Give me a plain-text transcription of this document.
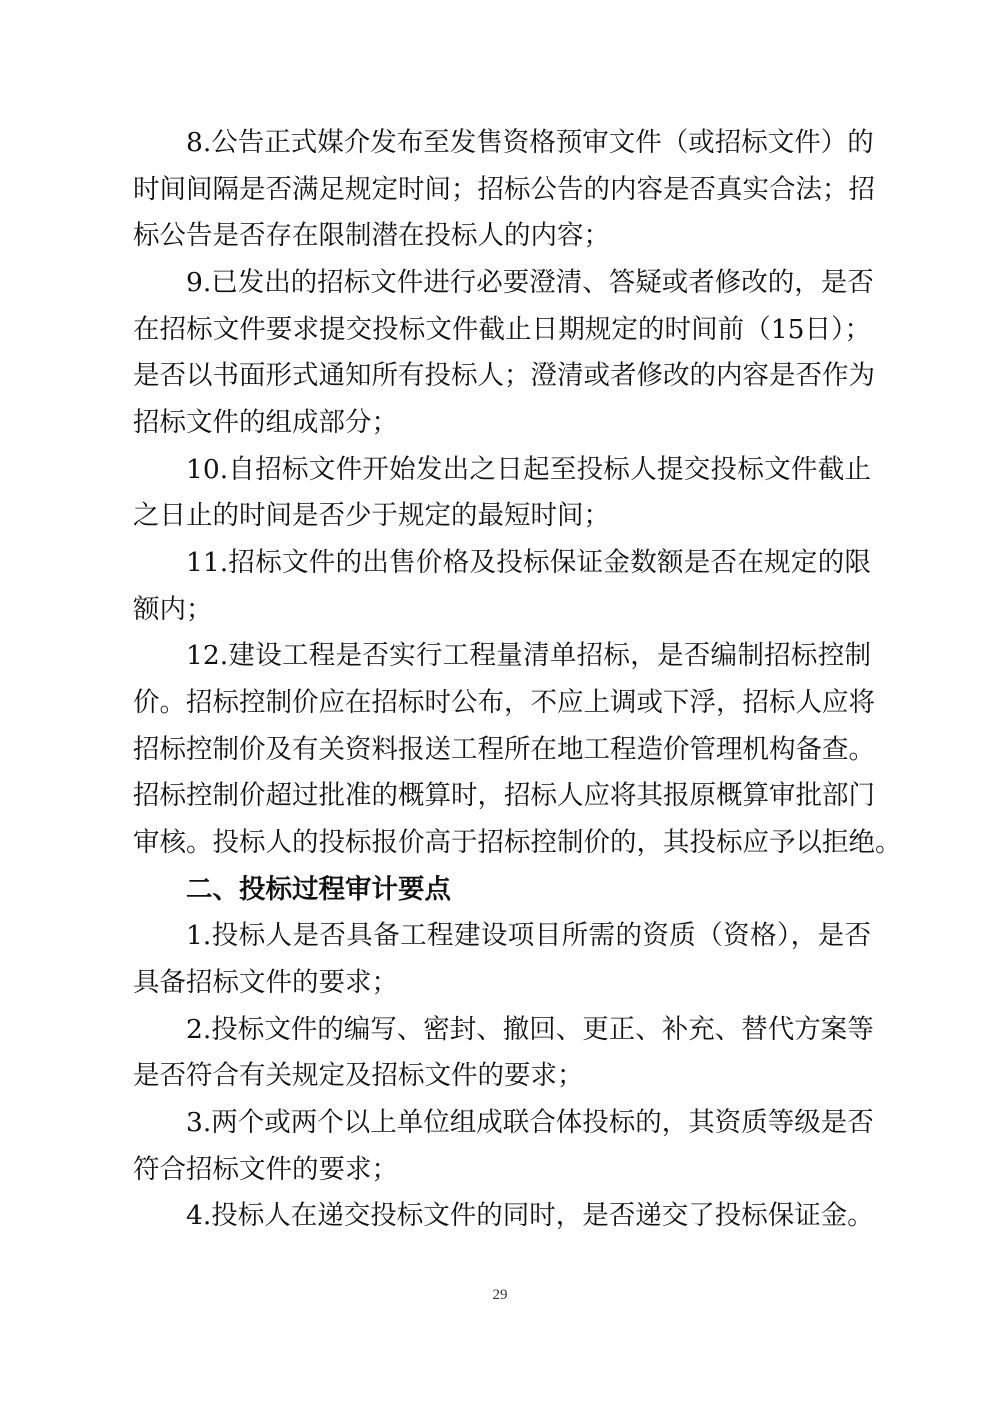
8.公告正式媒介发布至发售资格预审文件（或招标文件）的
时间间隔是否满足规定时间；招标公告的内容是否真实合法；招
标公告是否存在限制潜在投标人的内容；
9.已发出的招标文件进行必要澄清、答疑或者修改的，是否
在招标文件要求提交投标文件截止日期规定的时间前（15日）；
是否以书面形式通知所有投标人；澄清或者修改的内容是否作为
招标文件的组成部分；
10.自招标文件开始发出之日起至投标人提交投标文件截止
之日止的时间是否少于规定的最短时间；
11.招标文件的出售价格及投标保证金数额是否在规定的限
额内；
12.建设工程是否实行工程量清单招标，是否编制招标控制
价。招标控制价应在招标时公布，不应上调或下浮，招标人应将
招标控制价及有关资料报送工程所在地工程造价管理机构备查。
招标控制价超过批准的概算时，招标人应将其报原概算审批部门
审核。投标人的投标报价高于招标控制价的，其投标应予以拒绝。
二、投标过程审计要点
1.投标人是否具备工程建设项目所需的资质（资格），是否
具备招标文件的要求；
2.投标文件的编写、密封、撤回、更正、补充、替代方案等
是否符合有关规定及招标文件的要求；
3.两个或两个以上单位组成联合体投标的，其资质等级是否
符合招标文件的要求；
4.投标人在递交投标文件的同时，是否递交了投标保证金。
29
